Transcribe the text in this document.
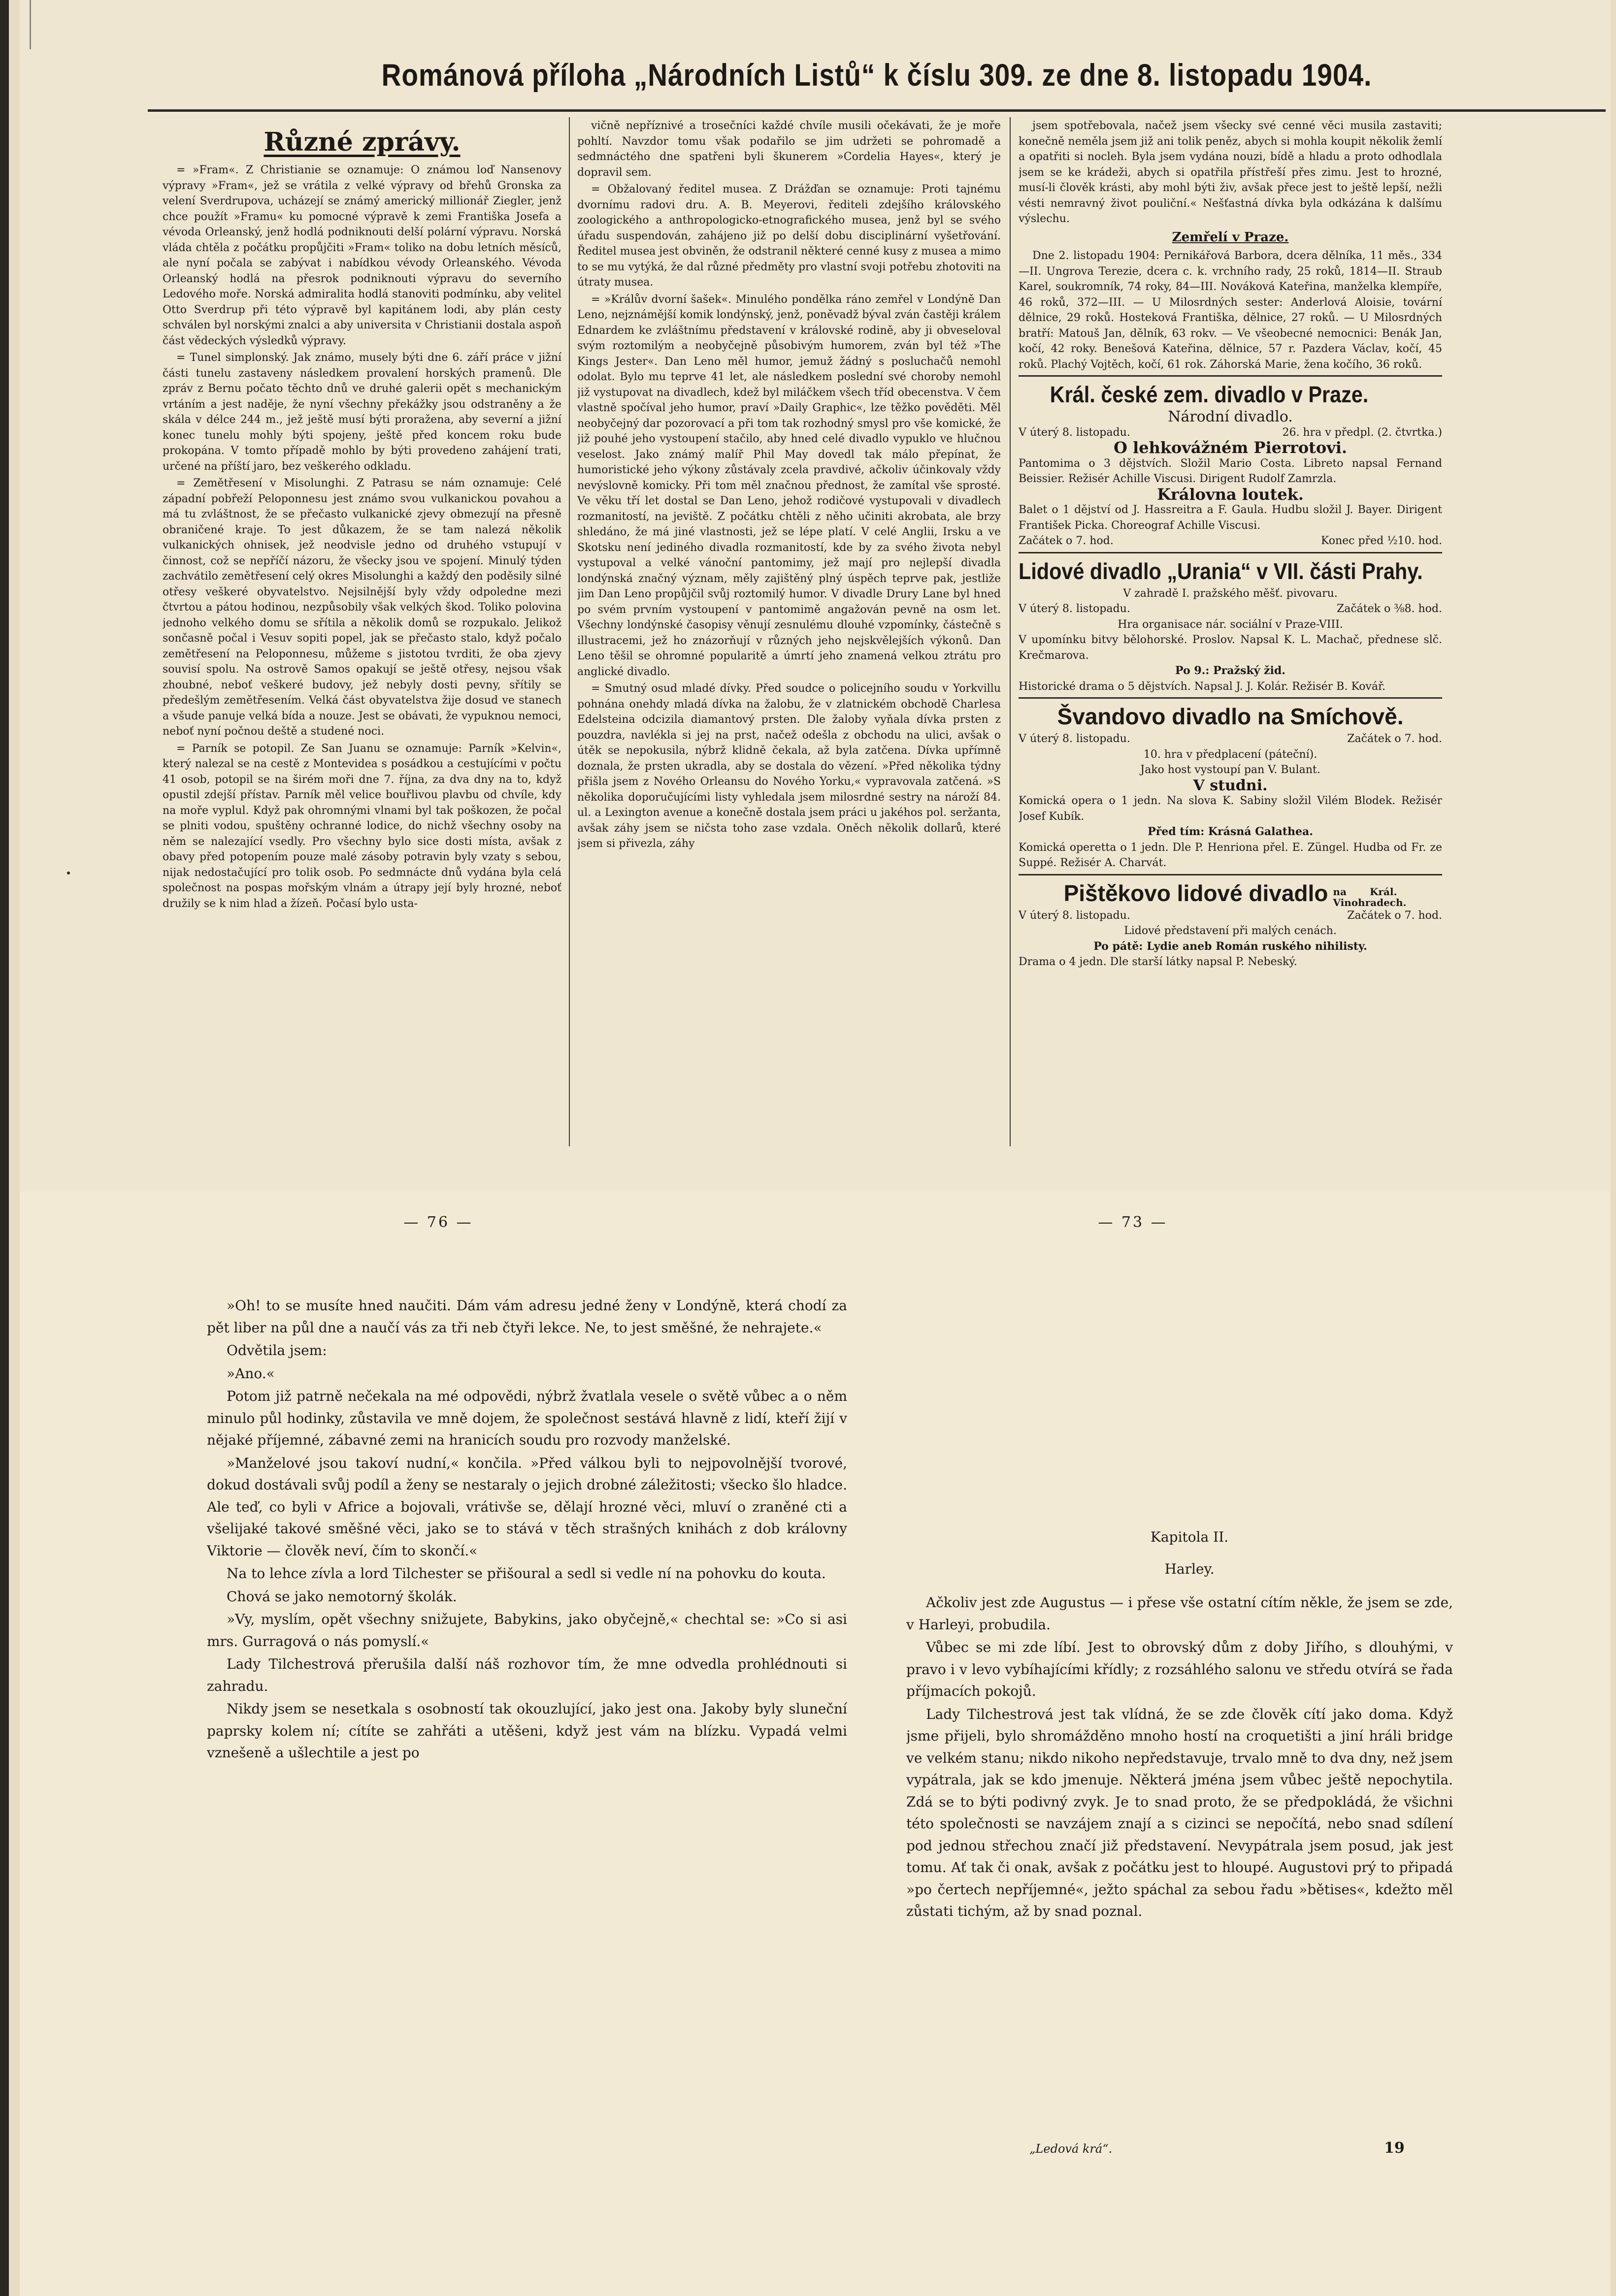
Románová příloha „Národních Listů“ k číslu 309. ze dne 8. listopadu 1904.
Různé zprávy.

= »Fram«. Z Christianie se oznamuje: O známou loď Nansenovy výpravy »Fram«, jež se vrátila z velké výpravy od břehů Gronska za velení Sverdrupova, ucházejí se známý americký millionář Ziegler, jenž chce použít »Framu« ku pomocné výpravě k zemi Františka Josefa a vévoda Orleanský, jenž hodlá podniknouti delší polární výpravu. Norská vláda chtěla z počátku propůjčiti »Fram« toliko na dobu letních měsíců, ale nyní počala se zabývat i nabídkou vévody Orleanského. Vévoda Orleanský hodlá na přesrok podniknouti výpravu do severního Ledového moře. Norská admiralita hodlá stanoviti podmínku, aby velitel Otto Sverdrup při této výpravě byl kapitánem lodi, aby plán cesty schválen byl norskými znalci a aby universita v Christianii dostala aspoň část vědeckých výsledků výpravy.

= Tunel simplonský. Jak známo, musely býti dne 6. září práce v jižní části tunelu zastaveny následkem provalení horských pramenů. Dle zpráv z Bernu počato těchto dnů ve druhé galerii opět s mechanickým vrtáním a jest naděje, že nyní všechny překážky jsou odstraněny a že skála v délce 244 m., jež ještě musí býti proražena, aby severní a jižní konec tunelu mohly býti spojeny, ještě před koncem roku bude prokopána. V tomto případě mohlo by býti provedeno zahájení trati, určené na příští jaro, bez veškerého odkladu.

= Zemětřesení v Misolunghi. Z Patrasu se nám oznamuje: Celé západní pobřeží Peloponnesu jest známo svou vulkanickou povahou a má tu zvláštnost, že se přečasto vulkanické zjevy obmezují na přesně obraničené kraje. To jest důkazem, že se tam nalezá několik vulkanických ohnisek, jež neodvisle jedno od druhého vstupují v činnost, což se nepříčí názoru, že všecky jsou ve spojení. Minulý týden zachvátilo zemětřesení celý okres Misolunghi a každý den poděsily silné otřesy veškeré obyvatelstvo. Nejsilnější byly vždy odpoledne mezi čtvrtou a pátou hodinou, nezpůsobily však velkých škod. Toliko polovina jednoho velkého domu se sřítila a několik domů se rozpukalo. Jelikož sončasně počal i Vesuv sopiti popel, jak se přečasto stalo, když počalo zemětřesení na Peloponnesu, můžeme s jistotou tvrditi, že oba zjevy souvisí spolu. Na ostrově Samos opakují se ještě otřesy, nejsou však zhoubné, neboť veškeré budovy, jež nebyly dosti pevny, sřítily se předešlým zemětřesením. Velká část obyvatelstva žije dosud ve stanech a všude panuje velká bída a nouze. Jest se obávati, že vypuknou nemoci, neboť nyní počnou deště a studené noci.

= Parník se potopil. Ze San Juanu se oznamuje: Parník »Kelvin«, který nalezal se na cestě z Montevidea s posádkou a cestujícími v počtu 41 osob, potopil se na širém moři dne 7. října, za dva dny na to, když opustil zdejší přístav. Parník měl velice bouřlivou plavbu od chvíle, kdy na moře vyplul. Když pak ohromnými vlnami byl tak poškozen, že počal se plniti vodou, spuštěny ochranné lodice, do nichž všechny osoby na něm se nalezající vsedly. Pro všechny bylo sice dosti místa, avšak z obavy před potopením pouze malé zásoby potravin byly vzaty s sebou, nijak nedostačující pro tolik osob. Po sedmnácte dnů vydána byla celá společnost na pospas mořským vlnám a útrapy její byly hrozné, neboť družily se k nim hlad a žízeň. Počasí bylo usta-

vičně nepříznivé a trosečníci každé chvíle musili očekávati, že je moře pohltí. Navzdor tomu však podařilo se jim udržeti se pohromadě a sedmnáctého dne spatřeni byli škunerem »Cordelia Hayes«, který je dopravil sem.

= Obžalovaný ředitel musea. Z Drážďan se oznamuje: Proti tajnému dvornímu radovi dru. A. B. Meyerovi, řediteli zdejšího královského zoologického a anthropologicko-etnografického musea, jenž byl se svého úřadu suspendován, zahájeno již po delší dobu disciplinární vyšetřování. Ředitel musea jest obviněn, že odstranil některé cenné kusy z musea a mimo to se mu vytýká, že dal různé předměty pro vlastní svoji potřebu zhotoviti na útraty musea.

= »Králův dvorní šašek«. Minulého pondělka ráno zemřel v Londýně Dan Leno, nejznámější komik londýnský, jenž, poněvadž býval zván častěji králem Ednardem ke zvláštnímu představení v královské rodině, aby ji obveseloval svým roztomilým a neobyčejně působivým humorem, zván byl též »The Kings Jester«. Dan Leno měl humor, jemuž žádný s posluchačů nemohl odolat. Bylo mu teprve 41 let, ale následkem poslední své choroby nemohl již vystupovat na divadlech, kdež byl miláčkem všech tříd obecenstva. V čem vlastně spočíval jeho humor, praví »Daily Graphic«, lze těžko pověděti. Měl neobyčejný dar pozorovací a při tom tak rozhodný smysl pro vše komické, že již pouhé jeho vystoupení stačilo, aby hned celé divadlo vypuklo ve hlučnou veselost. Jako známý malíř Phil May dovedl tak málo přepínat, že humoristické jeho výkony zůstávaly zcela pravdivé, ačkoliv účinkovaly vždy nevýslovně komicky. Při tom měl značnou přednost, že zamítal vše sprosté. Ve věku tří let dostal se Dan Leno, jehož rodičové vystupovali v divadlech rozmanitostí, na jeviště. Z počátku chtěli z něho učiniti akrobata, ale brzy shledáno, že má jiné vlastnosti, jež se lépe platí. V celé Anglii, Irsku a ve Skotsku není jediného divadla rozmanitostí, kde by za svého života nebyl vystupoval a velké vánoční pantomimy, jež mají pro nejlepší divadla londýnská značný význam, měly zajištěný plný úspěch teprve pak, jestliže jim Dan Leno propůjčil svůj roztomilý humor. V divadle Drury Lane byl hned po svém prvním vystoupení v pantomimě angažován pevně na osm let. Všechny londýnské časopisy věnují zesnulému dlouhé vzpomínky, částečně s illustracemi, jež ho znázorňují v různých jeho nejskvělejších výkonů. Dan Leno těšil se ohromné popularitě a úmrtí jeho znamená velkou ztrátu pro anglické divadlo.

= Smutný osud mladé dívky. Před soudce o policejního soudu v Yorkvillu pohnána onehdy mladá dívka na žalobu, že v zlatnickém obchodě Charlesa Edelsteina odcizila diamantový prsten. Dle žaloby vyňala dívka prsten z pouzdra, navlékla si jej na prst, načež odešla z obchodu na ulici, avšak o útěk se nepokusila, nýbrž klidně čekala, až byla zatčena. Dívka upřímně doznala, že prsten ukradla, aby se dostala do vězení. »Před několika týdny přišla jsem z Nového Orleansu do Nového Yorku,« vypravovala zatčená. »S několika doporučujícími listy vyhledala jsem milosrdné sestry na nároží 84. ul. a Lexington avenue a konečně dostala jsem práci u jakéhos pol. seržanta, avšak záhy jsem se ničsta toho zase vzdala. Oněch několik dollarů, které jsem si přivezla, záhy

jsem spotřebovala, načež jsem všecky své cenné věci musila zastaviti; konečně neměla jsem již ani tolik peněz, abych si mohla koupit několik žemlí a opatřiti si nocleh. Byla jsem vydána nouzi, bídě a hladu a proto odhodlala jsem se ke krádeži, abych si opatřila přístřeší přes zimu. Jest to hrozné, musí-li člověk krásti, aby mohl býti živ, avšak přece jest to ještě lepší, nežli vésti nemravný život pouliční.« Nešťastná dívka byla odkázána k dalšímu výslechu.

Zemřelí v Praze.

Dne 2. listopadu 1904: Pernikářová Barbora, dcera dělníka, 11 měs., 334—II. Ungrova Terezie, dcera c. k. vrchního rady, 25 roků, 1814—II. Straub Karel, soukromník, 74 roky, 84—III. Nováková Kateřina, manželka klempíře, 46 roků, 372—III. — U Milosrdných sester: Anderlová Aloisie, tovární dělnice, 29 roků. Hosteková Františka, dělnice, 27 roků. — U Milosrdných bratří: Matouš Jan, dělník, 63 rokv. — Ve všeobecné nemocnici: Benák Jan, kočí, 42 roky. Benešová Kateřina, dělnice, 57 r. Pazdera Václav, kočí, 45 roků. Plachý Vojtěch, kočí, 61 rok. Záhorská Marie, žena kočího, 36 roků.

Král. české zem. divadlo v Praze.
Národní divadlo.
V úterý 8. listopadu.	26. hra v předpl. (2. čtvrtka.)
O lehkovážném Pierrotovi.
Pantomima o 3 dějstvích. Složil Mario Costa. Libreto napsal Fernand Beissier. Režisér Achille Viscusi. Dirigent Rudolf Zamrzla.
Královna loutek.
Balet o 1 dějství od J. Hassreitra a F. Gaula. Hudbu složil J. Bayer. Dirigent František Picka. Choreograf Achille Viscusi.
Začátek o 7. hod.	Konec před ½10. hod.
Lidové divadlo „Urania“ v VII. části Prahy.
V zahradě I. pražského měšť. pivovaru.
V úterý 8. listopadu.	Začátek o ⅜8. hod.
Hra organisace nár. sociální v Praze-VIII.
V upomínku bitvy bělohorské. Proslov. Napsal K. L. Machač, přednese slč. Krečmarova.
Po 9.: Pražský žid.
Historické drama o 5 dějstvích. Napsal J. J. Kolár. Režisér B. Kovář.
Švandovo divadlo na Smíchově.
V úterý 8. listopadu.	Začátek o 7. hod.
10. hra v předplacení (páteční).
Jako host vystoupí pan V. Bulant.
V studni.
Komická opera o 1 jedn. Na slova K. Sabiny složil Vilém Blodek. Režisér Josef Kubík.
Před tím: Krásná Galathea.
Komická operetta o 1 jedn. Dle P. Henriona přel. E. Züngel. Hudba od Fr. ze Suppé. Režisér A. Charvát.
Pištěkovo lidové divadlo na Král. Vinohradech.
V úterý 8. listopadu.	Začátek o 7. hod.
Lidové představení při malých cenách.
Po pátě: Lydie aneb Román ruského nihilisty.
Drama o 4 jedn. Dle starší látky napsal P. Nebeský.
— 76 —	— 73 —

»Oh! to se musíte hned naučiti. Dám vám adresu jedné ženy v Londýně, která chodí za pět liber na půl dne a naučí vás za tři neb čtyři lekce. Ne, to jest směšné, že nehrajete.«

Odvětila jsem:

»Ano.«

Potom již patrně nečekala na mé odpovědi, nýbrž žvatlala vesele o světě vůbec a o něm minulo půl hodinky, zůstavila ve mně dojem, že společnost sestává hlavně z lidí, kteří žijí v nějaké příjemné, zábavné zemi na hranicích soudu pro rozvody manželské.

»Manželové jsou takoví nudní,« končila. »Před válkou byli to nejpovolnější tvorové, dokud dostávali svůj podíl a ženy se nestaraly o jejich drobné záležitosti; všecko šlo hladce. Ale teď, co byli v Africe a bojovali, vrátivše se, dělají hrozné věci, mluví o zraněné cti a všelijaké takové směšné věci, jako se to stává v těch strašných knihách z dob královny Viktorie — člověk neví, čím to skončí.«

Na to lehce zívla a lord Tilchester se přišoural a sedl si vedle ní na pohovku do kouta.

Chová se jako nemotorný školák.

»Vy, myslím, opět všechny snižujete, Babykins, jako obyčejně,« chechtal se: »Co si asi mrs. Gurragová o nás pomyslí.«

Lady Tilchestrová přerušila další náš rozhovor tím, že mne odvedla prohlédnouti si zahradu.

Nikdy jsem se nesetkala s osobností tak okouzlující, jako jest ona. Jakoby byly sluneční paprsky kolem ní; cítíte se zahřáti a utěšeni, když jest vám na blízku. Vypadá velmi vznešeně a ušlechtile a jest po

Kapitola II.

Harley.

Ačkoliv jest zde Augustus — i přese vše ostatní cítím někle, že jsem se zde, v Harleyi, probudila.

Vůbec se mi zde líbí. Jest to obrovský dům z doby Jiřího, s dlouhými, v pravo i v levo vybíhajícími křídly; z rozsáhlého salonu ve středu otvírá se řada příjmacích pokojů.

Lady Tilchestrová jest tak vlídná, že se zde člověk cítí jako doma. Když jsme přijeli, bylo shromážděno mnoho hostí na croquetišti a jiní hráli bridge ve velkém stanu; nikdo nikoho nepředstavuje, trvalo mně to dva dny, než jsem vypátrala, jak se kdo jmenuje. Některá jména jsem vůbec ještě nepochytila. Zdá se to býti podivný zvyk. Je to snad proto, že se předpokládá, že všichni této společnosti se navzájem znají a s cizinci se nepočítá, nebo snad sdílení pod jednou střechou značí již představení. Nevypátrala jsem posud, jak jest tomu. Ať tak či onak, avšak z počátku jest to hloupé. Augustovi prý to připadá »po čertech nepříjemné«, ježto spáchal za sebou řadu »bětises«, kdežto měl zůstati tichým, až by snad poznal.

„Ledová krá“.	19
